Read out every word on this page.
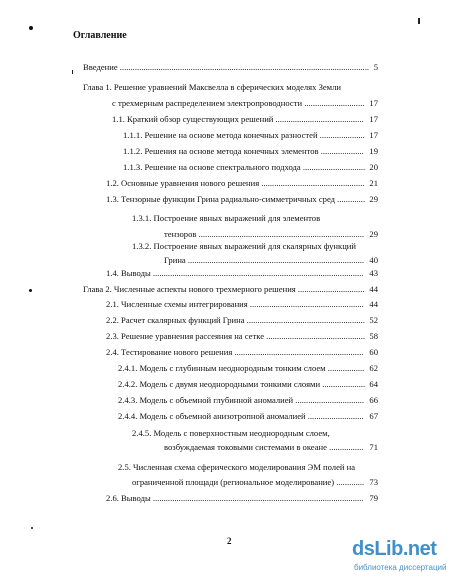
Оглавление
Введение .................................................................................................................... 5
Глава 1. Решение уравнений Максвелла в сферических моделях Земли
с трехмерным распределением электропроводности ............................ 17
1.1. Краткий обзор существующих решений ......................................... 17
1.1.1. Решение на основе метода конечных разностей ..................... 17
1.1.2. Решения на основе метода конечных элементов .................... 19
1.1.3. Решение на основе спектрального подхода ............................. 20
1.2. Основные уравнения нового решения ................................................ 21
1.3. Тензорные функции Грина радиально-симметричных сред ............. 29
1.3.1. Построение явных выражений для элементов
тензоров ............................................................................. 29
1.3.2. Построение явных выражений для скалярных функций
Грина .................................................................................. 40
1.4. Выводы .................................................................................................. 43
Глава 2. Численные аспекты нового трехмерного решения ............................... 44
2.1. Численные схемы интегрирования ..................................................... 44
2.2. Расчет скалярных функций Грина ....................................................... 52
2.3. Решение уравнения рассеяния на сетке .............................................. 58
2.4. Тестирование нового решения ............................................................ 60
2.4.1. Модель с глубинным неоднородным тонким слоем ................. 62
2.4.2. Модель с двумя неоднородными тонкими слоями .................... 64
2.4.3. Модель с объемной глубинной аномалией ................................ 66
2.4.4. Модель с объемной анизотропной аномалией .......................... 67
2.4.5. Модель с поверхностным неоднородным слоем,
возбуждаемая токовыми системами в океане ................ 71
2.5. Численная схема сферического моделирования ЭМ полей на
ограниченной площади (региональное моделирование) ............. 73
2.6. Выводы .................................................................................................. 79
2	dsLib.net
библиотека диссертаций
